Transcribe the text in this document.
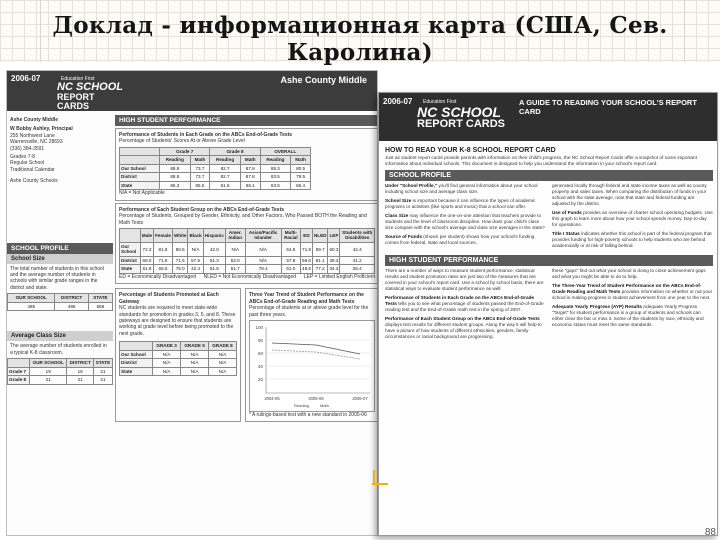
Доклад - информационная карта (США, Сев. Каролина)
2006-07	Education First
NC SCHOOL
REPORT CARDS
Ashe County Middle
Ashe County Middle
W Bobby Ashley, Principal
255 Northwest Lane
Warrensville, NC 28693
(336) 384-3591
Grades 7-8
Regular School
Traditional Calendar
Ashe County Schools
SCHOOL PROFILE
School Size
The total number of students in this school and the average number of students in schools with similar grade ranges in the district and state.
OUR SCHOOL	DISTRICT	STATE
495	495	666
Average Class Size
The average number of students enrolled in a typical K-8 classroom.
	OUR SCHOOL	DISTRICT	STATE
Grade 7	19	19	21
Grade 8	21	21	21
HIGH STUDENT PERFORMANCE
Performance of Students in Each Grade on the ABCs End-of-Grade Tests
Percentage of Students' Scores At or Above Grade Level
	Grade 7		Grade 8		OVERALL	
	Reading	Math	Reading	Math	Reading	Math
Our School	88.8	73.7	82.7	87.8	85.3	80.5
District	88.8	73.7	82.7	87.8	83.5	79.5
State	86.3	65.5	61.6	66.1	63.5	66.4
N/A = Not Applicable
Performance of Each Student Group on the ABCs End-of-Grade Tests
Percentage of Students, Grouped by Gender, Ethnicity, and Other Factors, Who Passed BOTH the Reading and Math Tests
	Male	Female	White	Black	Hispanic	Amer. Indian	Asian/Pacific Islander	Multi-Racial	ED	NLED	LEP	Students with Disabilities
Our School	72.3	81.8	80.5	N/A	42.0	N/A	N/A	54.5	71.8	89.7	60.3	42.4
District	68.0	71.8	71.5	57.5	51.3	52.0	N/A	57.8	58.6	81.1	39.3	41.2
State	61.8	65.5	75.0	42.4	51.5	51.7	78.4	61.0	48.5	77.2	34.3	26.4
ED = Economically Disadvantaged NLED = Not Economically Disadvantaged LEP = Limited English Proficient
Percentage of Students Promoted at Each Gateway
NC students are required to meet state-wide standards for promotion in grades 3, 5, and 8. These gateways are designed to ensure that students are working at grade level before being promoted to the next grade.
	GRADE 3	GRADE 5	GRADE 8
Our School	N/A	N/A	N/A
District	N/A	N/A	N/A
State	N/A	N/A	N/A
Three Year Trend of Student Performance on the ABCs End-of-Grade Reading and Math Tests
Percentage of students at or above grade level for the past three years.
100
80
60
40
20
2004-05	2005-06	2006-07
Reading	Math
* A rulings-based test with a new standard in 2005-06
2006-07 Education First
NC SCHOOL
REPORT CARDS
A GUIDE TO READING YOUR SCHOOL'S REPORT CARD
HOW TO READ YOUR K-8 SCHOOL REPORT CARD
Just as student report cards provide parents with information on their child's progress, the NC School Report Cards offer a snapshot of some important information about individual schools. This document is designed to help you understand the information in your school's report card.
SCHOOL PROFILE

Under "School Profile," you'll find general information about your school including school size and average class size.

School Size is important because it can influence the types of academic programs or activities (like sports and music) that a school can offer.

Class Size may influence the one-on-one attention that teachers provide to students and the level of classroom discipline. How does your child's class size compare with the school's average and class size averages in the state?

Source of Funds (shown per student) shows how your school's funding comes from federal, state and local sources.

generated locally through federal and state income taxes as well as county property and sales taxes. When comparing the distribution of funds in your school with the state average, note that state and federal funding are adjusted by the district.

Use of Funds provides an overview of charter school operating budgets. Use this graph to learn more about how your school spends money. Day-to-day for operations.

Title I Status indicates whether this school is part of the federal program that provides funding for high-poverty schools to help students who are behind academically or at risk of falling behind.

HIGH STUDENT PERFORMANCE

There are a number of ways to measure student performance: statistical results and student promotion rates are just two of the measures that are covered in your school's report card. Use a school by school basis, there are statistical ways to evaluate student performance as well.

Performance of Students in Each Grade on the ABCs End-of-Grade Tests tells you to see what percentage of students passed the End-of-Grade reading test and the End-of-Grade math test in the spring of 2007.

Performance of Each Student Group on the ABCs End-of-Grade Tests displays test results for different student groups. Along the way it will help to have a picture of how students of different ethnicities, genders, family circumstances or racial background are progressing.

these "gaps" find out what your school is doing to close achievement gaps and what you might be able to do to help.

The Three-Year Trend of Student Performance on the ABCs End-of-Grade Reading and Math Tests provides information on whether or not your school is making progress in student achievement from one year to the next.

Adequate Yearly Progress (AYP) Results Adequate Yearly Progress "Target" for student performance is a group of students and schools can either clear the bar or miss it. Some of the students by race, ethnicity and economic status must meet the same standards.

88
